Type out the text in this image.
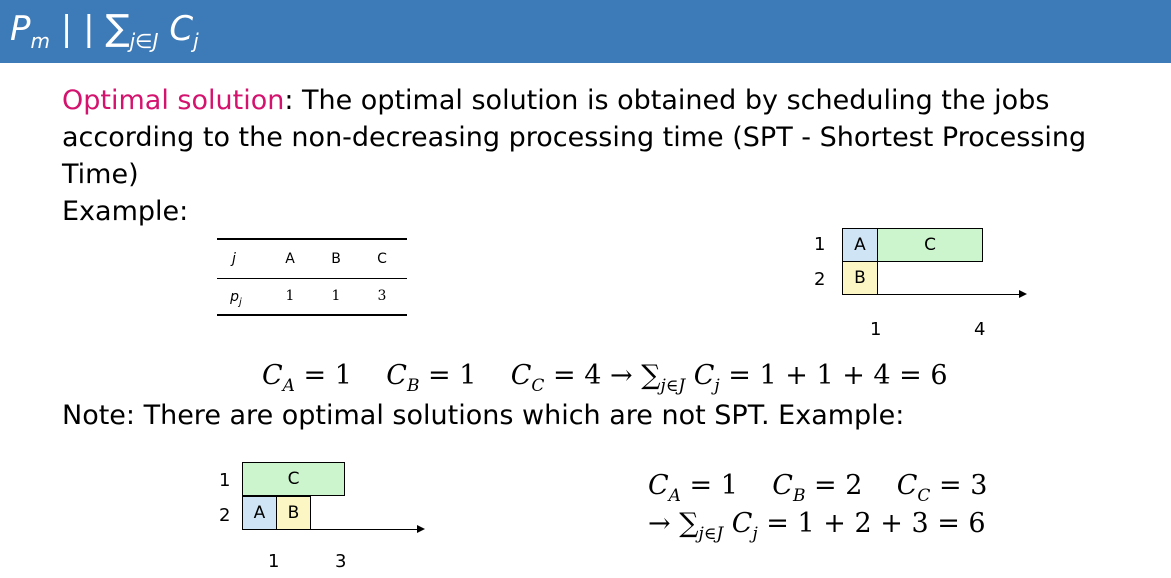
$P_m$ | | $\sum_{j\in J}$ $C_j$
Optimal solution: The optimal solution is obtained by scheduling the jobs according to the non-decreasing processing time (SPT - Shortest Processing Time)
Example:
j	A	B	C
$p_j$	1	1	3
1
2
A	C
B
1	4
$C_A = 1$ $C_B = 1$ $C_C = 4 \to \sum_{j\in J}$ $C_j = 1 + 1 + 4 = 6$
Note: There are optimal solutions which are not SPT. Example:
1
2
C
A	B
1	3
$C_A = 1$ $C_B = 2$ $C_C = 3$
→ $\sum_{j\in J}$ $C_j = 1 + 2 + 3 = 6$
